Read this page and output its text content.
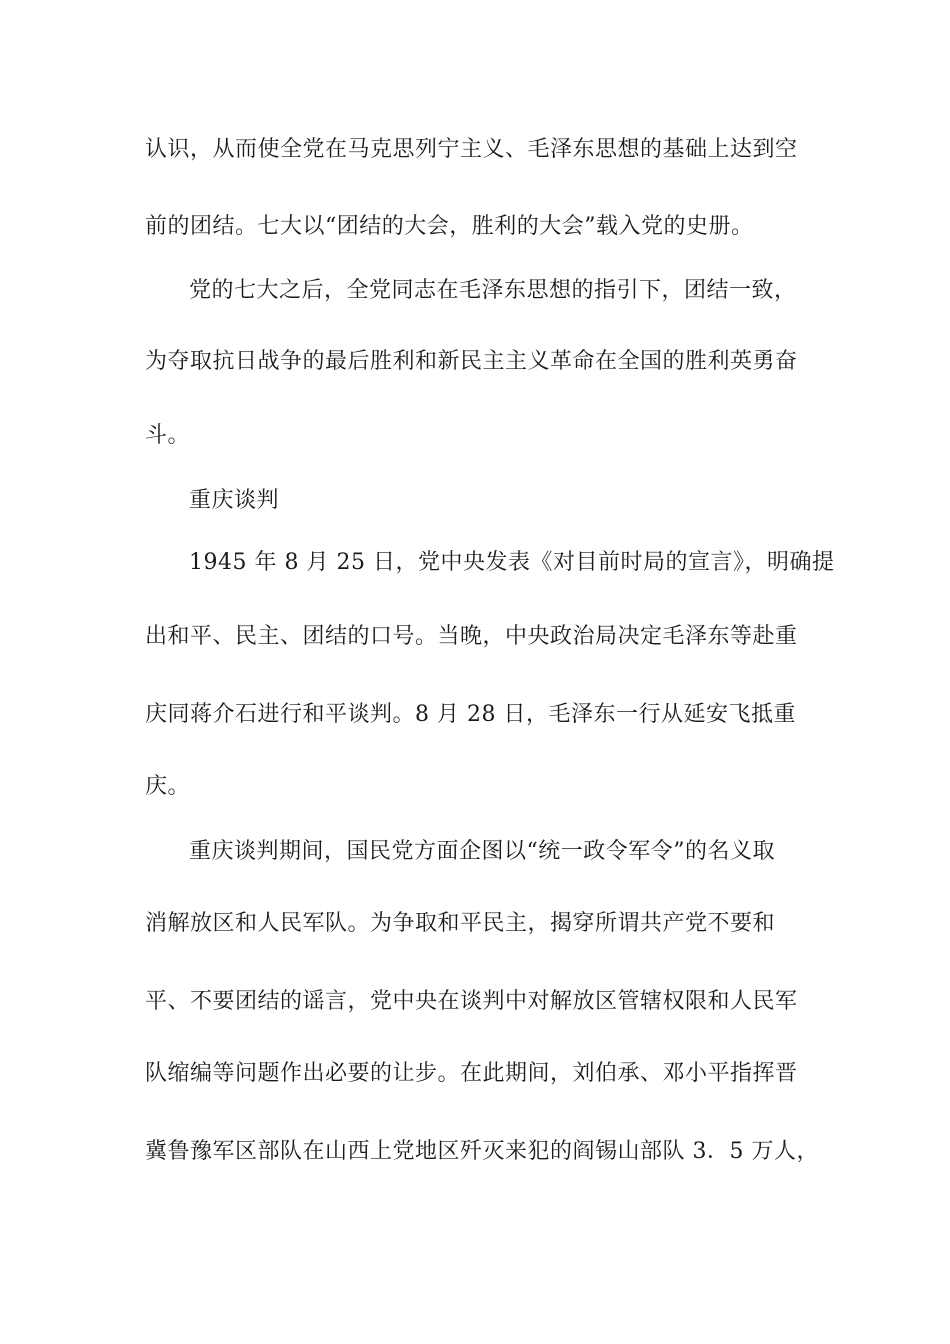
认识，从而使全党在马克思列宁主义、毛泽东思想的基础上达到空
前的团结。七大以“团结的大会，胜利的大会”载入党的史册。
党的七大之后，全党同志在毛泽东思想的指引下，团结一致，
为夺取抗日战争的最后胜利和新民主主义革命在全国的胜利英勇奋
斗。
重庆谈判
1945 年 8 月 25 日，党中央发表《对目前时局的宣言》，明确提
出和平、民主、团结的口号。当晚，中央政治局决定毛泽东等赴重
庆同蒋介石进行和平谈判。8 月 28 日，毛泽东一行从延安飞抵重
庆。
重庆谈判期间，国民党方面企图以“统一政令军令”的名义取
消解放区和人民军队。为争取和平民主，揭穿所谓共产党不要和
平、不要团结的谣言，党中央在谈判中对解放区管辖权限和人民军
队缩编等问题作出必要的让步。在此期间，刘伯承、邓小平指挥晋
冀鲁豫军区部队在山西上党地区歼灭来犯的阎锡山部队 3．5 万人，
